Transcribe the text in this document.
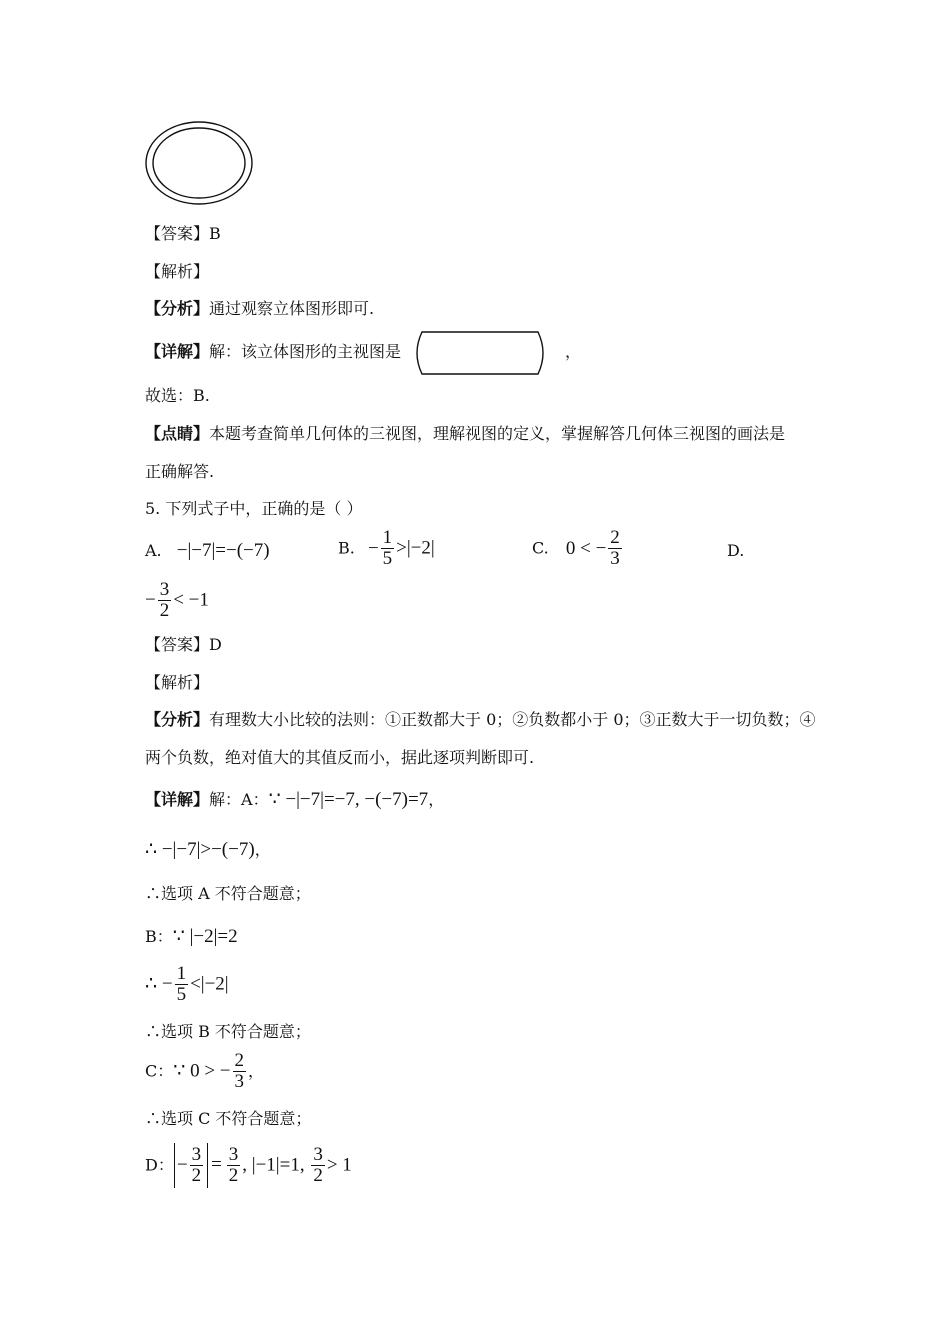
【答案】B
【解析】
【分析】通过观察立体图形即可.
【详解】解：该立体图形的主视图是	，
故选：B.
【点睛】本题考查简单几何体的三视图，理解视图的定义，掌握解答几何体三视图的画法是
正确解答.
5. 下列式子中，正确的是（ ）
A. −|−7|=−(−7)	B. − $\frac{1}{5} >|-2|$	C. 0 < − $\frac{2}{3}$	D.
− $\frac{3}{2} < -1$
【答案】D
【解析】
【分析】有理数大小比较的法则：①正数都大于 0；②负数都小于 0；③正数大于一切负数；④
两个负数，绝对值大的其值反而小，据此逐项判断即可.
【详解】解：A：∵ −|−7|=−7, −(−7)=7，
∴ −|−7|>−(−7)，
∴选项 A 不符合题意；
B：∵ |−2|=2
∴ − $\frac{1}{5} <|-2|$
∴选项 B 不符合题意；
C：∵ 0 > − $\frac{2}{3}$ ，
∴选项 C 不符合题意；
D： − $\frac{3}{2} = \frac{3}{2}$ , |−1|=1, $\frac{3}{2} > 1$
